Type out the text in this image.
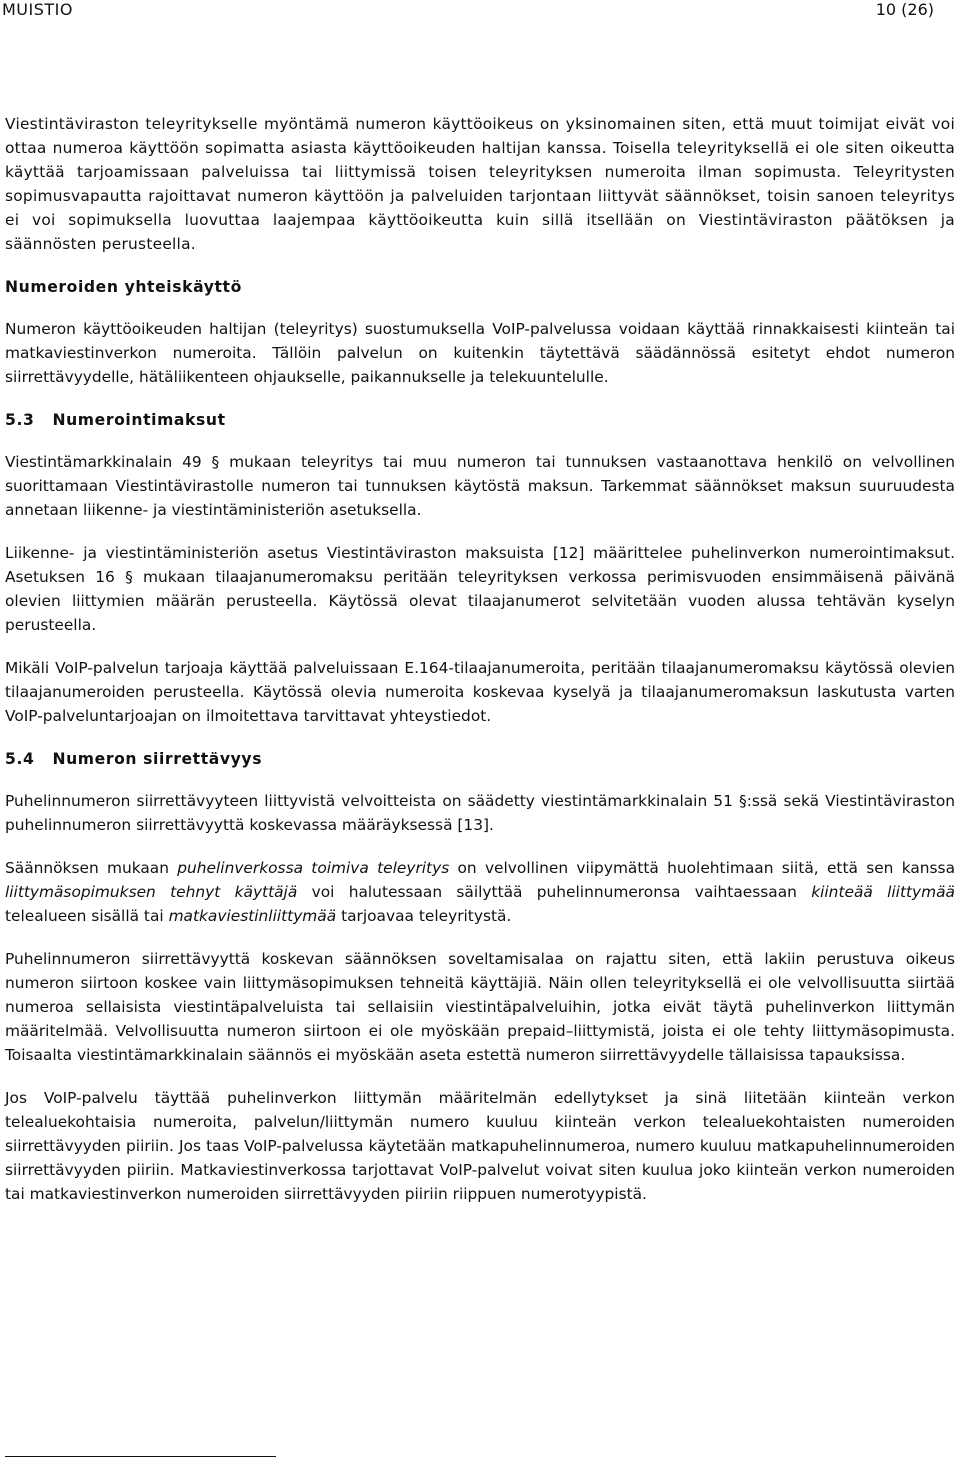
MUISTIO	10 (26)

Viestintäviraston teleyritykselle myöntämä numeron käyttöoikeus on yksinomainen siten, että muut toimijat eivät voi ottaa numeroa käyttöön sopimatta asiasta käyttöoikeuden haltijan kanssa. Toisella teleyrityksellä ei ole siten oikeutta käyttää tarjoamissaan palveluissa tai liittymissä toisen teleyrityksen numeroita ilman sopimusta. Teleyritysten sopimusvapautta rajoittavat numeron käyttöön ja palveluiden tarjontaan liittyvät säännökset, toisin sanoen teleyritys ei voi sopimuksella luovuttaa laajempaa käyttöoikeutta kuin sillä itsellään on Viestintäviraston päätöksen ja säännösten perusteella.

Numeroiden yhteiskäyttö

Numeron käyttöoikeuden haltijan (teleyritys) suostumuksella VoIP-palvelussa voidaan käyttää rinnakkaisesti kiinteän tai matkaviestinverkon numeroita. Tällöin palvelun on kuitenkin täytettävä säädännössä esitetyt ehdot numeron siirrettävyydelle, hätäliikenteen ohjaukselle, paikannukselle ja telekuuntelulle.

5.3 Numerointimaksut

Viestintämarkkinalain 49 § mukaan teleyritys tai muu numeron tai tunnuksen vastaanottava henkilö on velvollinen suorittamaan Viestintävirastolle numeron tai tunnuksen käytöstä maksun. Tarkemmat säännökset maksun suuruudesta annetaan liikenne- ja viestintäministeriön asetuksella.

Liikenne- ja viestintäministeriön asetus Viestintäviraston maksuista [12] määrittelee puhelinverkon numerointimaksut. Asetuksen 16 § mukaan tilaajanumeromaksu peritään teleyrityksen verkossa perimisvuoden ensimmäisenä päivänä olevien liittymien määrän perusteella. Käytössä olevat tilaajanumerot selvitetään vuoden alussa tehtävän kyselyn perusteella.

Mikäli VoIP-palvelun tarjoaja käyttää palveluissaan E.164-tilaajanumeroita, peritään tilaajanumeromaksu käytössä olevien tilaajanumeroiden perusteella. Käytössä olevia numeroita koskevaa kyselyä ja tilaajanumeromaksun laskutusta varten VoIP-palveluntarjoajan on ilmoitettava tarvittavat yhteystiedot.

5.4 Numeron siirrettävyys

Puhelinnumeron siirrettävyyteen liittyvistä velvoitteista on säädetty viestintämarkkinalain 51 §:ssä sekä Viestintäviraston puhelinnumeron siirrettävyyttä koskevassa määräyksessä [13].

Säännöksen mukaan puhelinverkossa toimiva teleyritys on velvollinen viipymättä huolehtimaan siitä, että sen kanssa liittymäsopimuksen tehnyt käyttäjä voi halutessaan säilyttää puhelinnumeronsa vaihtaessaan kiinteää liittymää telealueen sisällä tai matkaviestinliittymää tarjoavaa teleyritystä.

Puhelinnumeron siirrettävyyttä koskevan säännöksen soveltamisalaa on rajattu siten, että lakiin perustuva oikeus numeron siirtoon koskee vain liittymäsopimuksen tehneitä käyttäjiä. Näin ollen teleyrityksellä ei ole velvollisuutta siirtää numeroa sellaisista viestintäpalveluista tai sellaisiin viestintäpalveluihin, jotka eivät täytä puhelinverkon liittymän määritelmää. Velvollisuutta numeron siirtoon ei ole myöskään prepaid–liittymistä, joista ei ole tehty liittymäsopimusta. Toisaalta viestintämarkkinalain säännös ei myöskään aseta estettä numeron siirrettävyydelle tällaisissa tapauksissa.

Jos VoIP-palvelu täyttää puhelinverkon liittymän määritelmän edellytykset ja sinä liitetään kiinteän verkon telealuekohtaisia numeroita, palvelun/liittymän numero kuuluu kiinteän verkon telealuekohtaisten numeroiden siirrettävyyden piiriin. Jos taas VoIP-palvelussa käytetään matkapuhelinnumeroa, numero kuuluu matkapuhelinnumeroiden siirrettävyyden piiriin. Matkaviestinverkossa tarjottavat VoIP-palvelut voivat siten kuulua joko kiinteän verkon numeroiden tai matkaviestinverkon numeroiden siirrettävyyden piiriin riippuen numerotyypistä.
